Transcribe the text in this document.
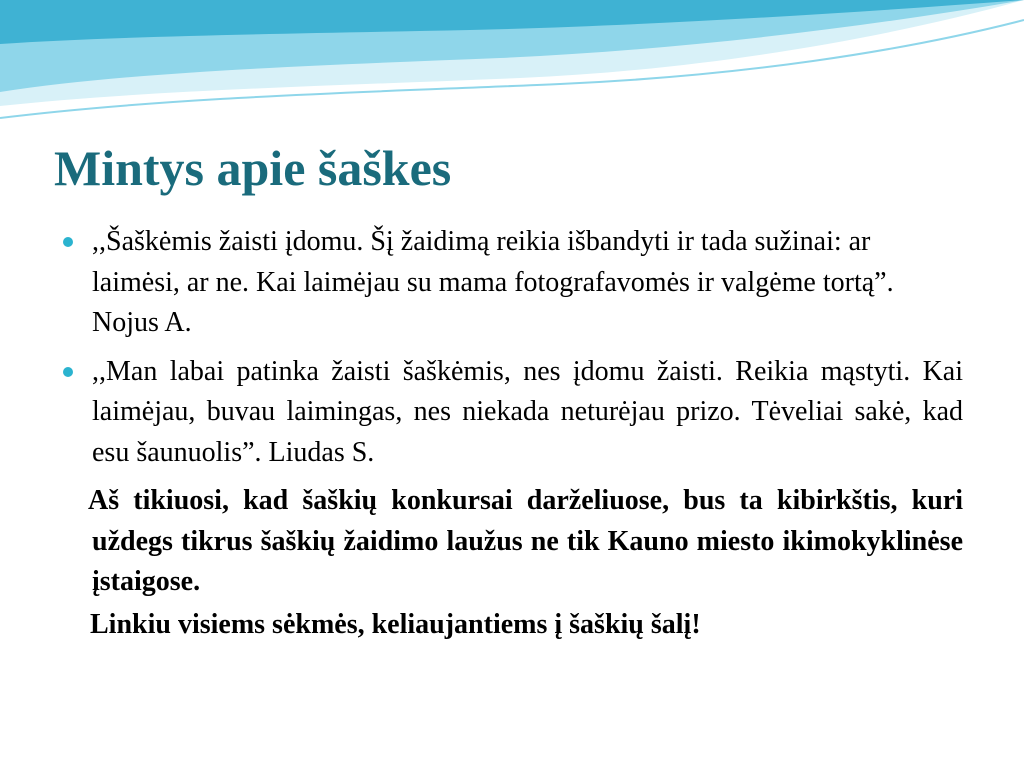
Mintys apie šaškes
,,Šaškėmis žaisti įdomu. Šį žaidimą reikia išbandyti ir tada sužinai: ar laimėsi, ar ne. Kai laimėjau su mama fotografavomės ir valgėme tortą”. Nojus A.
,,Man labai patinka žaisti šaškėmis, nes įdomu žaisti. Reikia mąstyti. Kai laimėjau, buvau laimingas, nes niekada neturėjau prizo. Tėveliai sakė, kad esu šaunuolis”. Liudas S.

Aš tikiuosi, kad šaškių konkursai darželiuose, bus ta kibirkštis, kuri uždegs tikrus šaškių žaidimo laužus ne tik Kauno miesto ikimokyklinėse įstaigose.

Linkiu visiems sėkmės, keliaujantiems į šaškių šalį!
